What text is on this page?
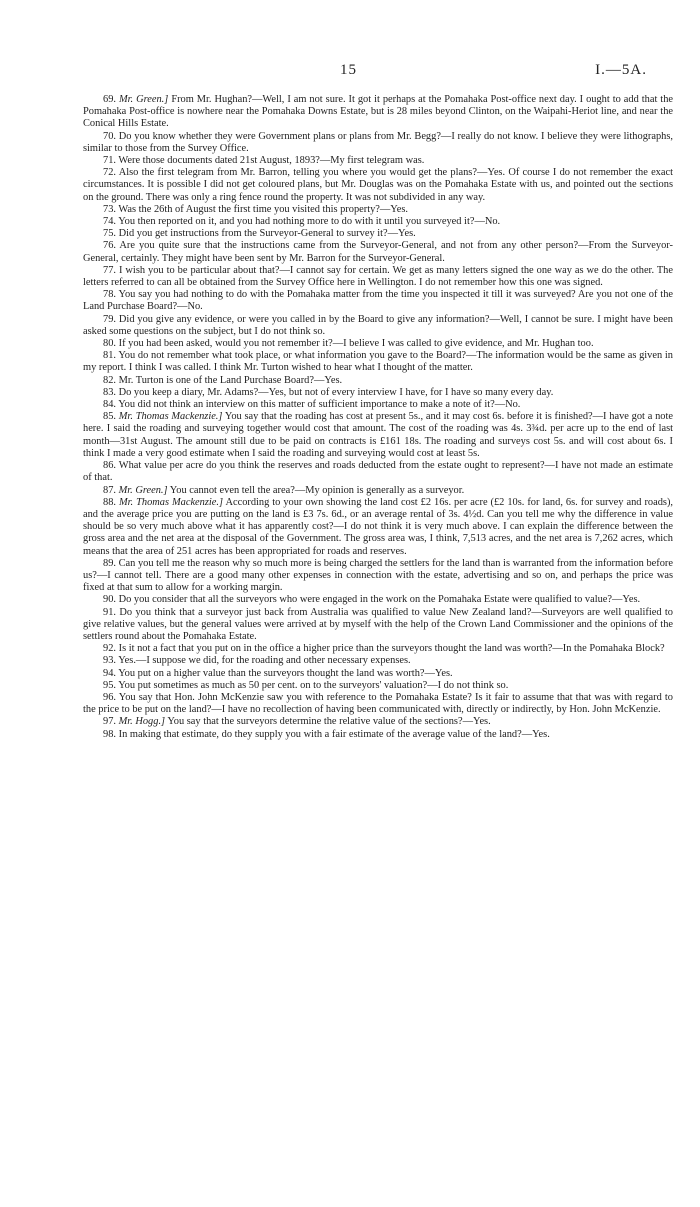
15	I.—5A.

69. Mr. Green.] From Mr. Hughan?—Well, I am not sure. It got it perhaps at the Pomahaka Post-office next day. I ought to add that the Pomahaka Post-office is nowhere near the Pomahaka Downs Estate, but is 28 miles beyond Clinton, on the Waipahi-Heriot line, and near the Conical Hills Estate.

70. Do you know whether they were Government plans or plans from Mr. Begg?—I really do not know. I believe they were lithographs, similar to those from the Survey Office.

71. Were those documents dated 21st August, 1893?—My first telegram was.

72. Also the first telegram from Mr. Barron, telling you where you would get the plans?—Yes. Of course I do not remember the exact circumstances. It is possible I did not get coloured plans, but Mr. Douglas was on the Pomahaka Estate with us, and pointed out the sections on the ground. There was only a ring fence round the property. It was not subdivided in any way.

73. Was the 26th of August the first time you visited this property?—Yes.

74. You then reported on it, and you had nothing more to do with it until you surveyed it?—No.

75. Did you get instructions from the Surveyor-General to survey it?—Yes.

76. Are you quite sure that the instructions came from the Surveyor-General, and not from any other person?—From the Surveyor-General, certainly. They might have been sent by Mr. Barron for the Surveyor-General.

77. I wish you to be particular about that?—I cannot say for certain. We get as many letters signed the one way as we do the other. The letters referred to can all be obtained from the Survey Office here in Wellington. I do not remember how this one was signed.

78. You say you had nothing to do with the Pomahaka matter from the time you inspected it till it was surveyed? Are you not one of the Land Purchase Board?—No.

79. Did you give any evidence, or were you called in by the Board to give any information?—Well, I cannot be sure. I might have been asked some questions on the subject, but I do not think so.

80. If you had been asked, would you not remember it?—I believe I was called to give evidence, and Mr. Hughan too.

81. You do not remember what took place, or what information you gave to the Board?—The information would be the same as given in my report. I think I was called. I think Mr. Turton wished to hear what I thought of the matter.

82. Mr. Turton is one of the Land Purchase Board?—Yes.

83. Do you keep a diary, Mr. Adams?—Yes, but not of every interview I have, for I have so many every day.

84. You did not think an interview on this matter of sufficient importance to make a note of it?—No.

85. Mr. Thomas Mackenzie.] You say that the roading has cost at present 5s., and it may cost 6s. before it is finished?—I have got a note here. I said the roading and surveying together would cost that amount. The cost of the roading was 4s. 3¾d. per acre up to the end of last month—31st August. The amount still due to be paid on contracts is £161 18s. The roading and surveys cost 5s. and will cost about 6s. I think I made a very good estimate when I said the roading and surveying would cost at least 5s.

86. What value per acre do you think the reserves and roads deducted from the estate ought to represent?—I have not made an estimate of that.

87. Mr. Green.] You cannot even tell the area?—My opinion is generally as a surveyor.

88. Mr. Thomas Mackenzie.] According to your own showing the land cost £2 16s. per acre (£2 10s. for land, 6s. for survey and roads), and the average price you are putting on the land is £3 7s. 6d., or an average rental of 3s. 4½d. Can you tell me why the difference in value should be so very much above what it has apparently cost?—I do not think it is very much above. I can explain the difference between the gross area and the net area at the disposal of the Government. The gross area was, I think, 7,513 acres, and the net area is 7,262 acres, which means that the area of 251 acres has been appropriated for roads and reserves.

89. Can you tell me the reason why so much more is being charged the settlers for the land than is warranted from the information before us?—I cannot tell. There are a good many other expenses in connection with the estate, advertising and so on, and perhaps the price was fixed at that sum to allow for a working margin.

90. Do you consider that all the surveyors who were engaged in the work on the Pomahaka Estate were qualified to value?—Yes.

91. Do you think that a surveyor just back from Australia was qualified to value New Zealand land?—Surveyors are well qualified to give relative values, but the general values were arrived at by myself with the help of the Crown Land Commissioner and the opinions of the settlers round about the Pomahaka Estate.

92. Is it not a fact that you put on in the office a higher price than the surveyors thought the land was worth?—In the Pomahaka Block?

93. Yes.—I suppose we did, for the roading and other necessary expenses.

94. You put on a higher value than the surveyors thought the land was worth?—Yes.

95. You put sometimes as much as 50 per cent. on to the surveyors' valuation?—I do not think so.

96. You say that Hon. John McKenzie saw you with reference to the Pomahaka Estate? Is it fair to assume that that was with regard to the price to be put on the land?—I have no recollection of having been communicated with, directly or indirectly, by Hon. John McKenzie.

97. Mr. Hogg.] You say that the surveyors determine the relative value of the sections?—Yes.

98. In making that estimate, do they supply you with a fair estimate of the average value of the land?—Yes.
